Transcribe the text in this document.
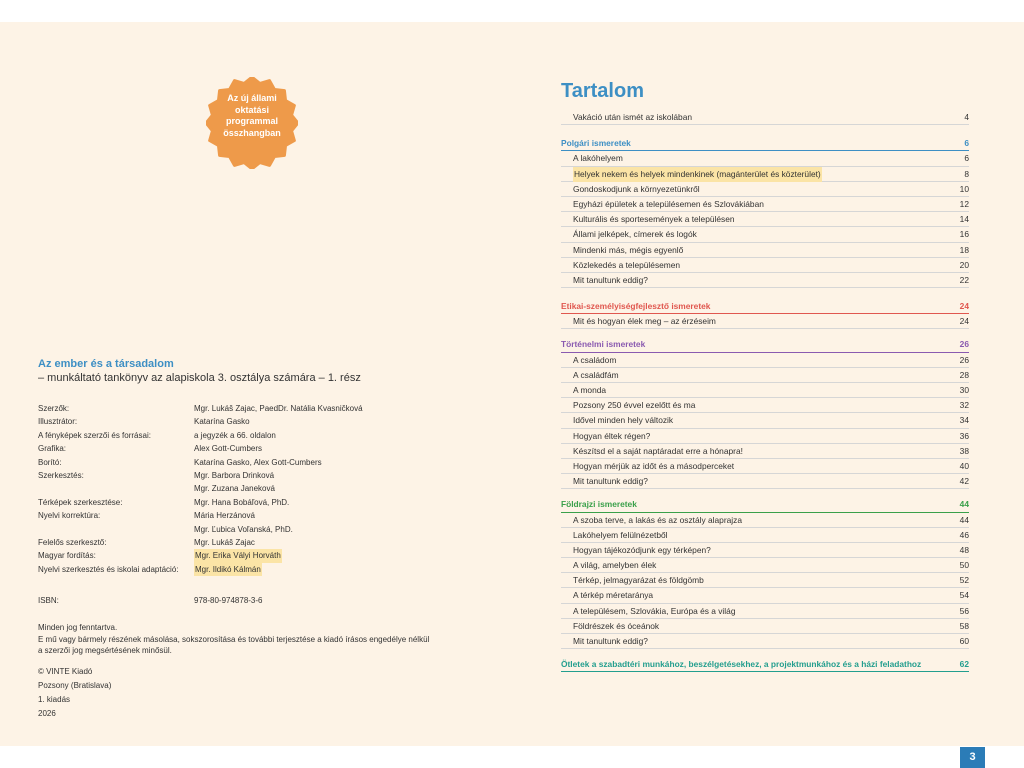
Az új állami
oktatási
programmal
összhangban
Az ember és a társadalom
– munkáltató tankönyv az alapiskola 3. osztálya számára – 1. rész
Szerzők:	Mgr. Lukáš Zajac, PaedDr. Natália Kvasničková
Illusztrátor:	Katarína Gasko
A fényképek szerzői és forrásai:	a jegyzék a 66. oldalon
Grafika:	Alex Gott-Cumbers
Borító:	Katarína Gasko, Alex Gott-Cumbers
Szerkesztés:	Mgr. Barbora Drinková
Mgr. Zuzana Janeková
Térképek szerkesztése:	Mgr. Hana Bobáľová, PhD.
Nyelvi korrektúra:	Mária Herzánová
Mgr. Ľubica Voľanská, PhD.
Felelős szerkesztő:	Mgr. Lukáš Zajac
Magyar fordítás:	Mgr. Erika Vályi Horváth
Nyelvi szerkesztés és iskolai adaptáció: Mgr. Ildikó Kálmán
ISBN:	978-80-974878-3-6

Minden jog fenntartva.

E mű vagy bármely részének másolása, sokszorosítása és további terjesztése a kiadó írásos engedélye nélkül

a szerzői jog megsértésének minősül.

© VINTE Kiadó
Pozsony (Bratislava)
1. kiadás
2026
Tartalom
Vakáció után ismét az iskolában	4
Polgári ismeretek	6
A lakóhelyem	6
Helyek nekem és helyek mindenkinek (magánterület és közterület)	8
Gondoskodjunk a környezetünkről	10
Egyházi épületek a településemen és Szlovákiában	12
Kulturális és sportesemények a településen	14
Állami jelképek, címerek és logók	16
Mindenki más, mégis egyenlő	18
Közlekedés a településemen	20
Mit tanultunk eddig?	22
Etikai-személyiségfejlesztő ismeretek	24
Mit és hogyan élek meg – az érzéseim	24
Történelmi ismeretek	26
A családom	26
A családfám	28
A monda	30
Pozsony 250 évvel ezelőtt és ma	32
Idővel minden hely változik	34
Hogyan éltek régen?	36
Készítsd el a saját naptáradat erre a hónapra!	38
Hogyan mérjük az időt és a másodperceket	40
Mit tanultunk eddig?	42
Földrajzi ismeretek	44
A szoba terve, a lakás és az osztály alaprajza	44
Lakóhelyem felülnézetből	46
Hogyan tájékozódjunk egy térképen?	48
A világ, amelyben élek	50
Térkép, jelmagyarázat és földgömb	52
A térkép méretaránya	54
A településem, Szlovákia, Európa és a világ	56
Földrészek és óceánok	58
Mit tanultunk eddig?	60
Ötletek a szabadtéri munkához, beszélgetésekhez, a projektmunkához és a házi feladathoz	62
3
